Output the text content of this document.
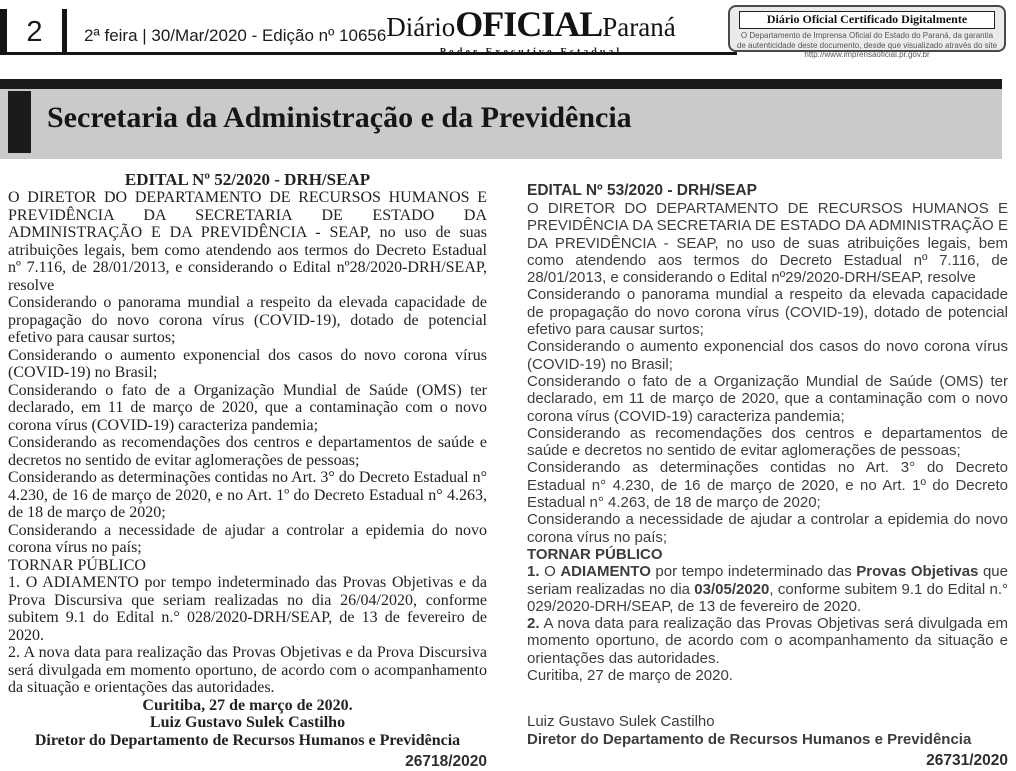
2	2ª feira | 30/Mar/2020 - Edição nº 10656 DiárioOFICIALParaná	Diário Oficial Certificado Digitalmente
O Departamento de Imprensa Oficial do Estado do Paraná, da garantia
de autenticidade deste documento, desde que visualizado através do site
http://www.imprensaoficial.pr.gov.br
Secretaria da Administração e da Previdência
EDITAL Nº 52/2020 - DRH/SEAP

O DIRETOR DO DEPARTAMENTO DE RECURSOS HUMANOS E PREVIDÊNCIA DA SECRETARIA DE ESTADO DA ADMINISTRAÇÃO E DA PREVIDÊNCIA - SEAP, no uso de suas atribuições legais, bem como atendendo aos termos do Decreto Estadual nº 7.116, de 28/01/2013, e considerando o Edital nº28/2020-DRH/SEAP, resolve

Considerando o panorama mundial a respeito da elevada capacidade de propagação do novo corona vírus (COVID-19), dotado de potencial efetivo para causar surtos;

Considerando o aumento exponencial dos casos do novo corona vírus (COVID-19) no Brasil;

Considerando o fato de a Organização Mundial de Saúde (OMS) ter declarado, em 11 de março de 2020, que a contaminação com o novo corona vírus (COVID-19) caracteriza pandemia;

Considerando as recomendações dos centros e departamentos de saúde e decretos no sentido de evitar aglomerações de pessoas;

Considerando as determinações contidas no Art. 3° do Decreto Estadual n° 4.230, de 16 de março de 2020, e no Art. 1º do Decreto Estadual n° 4.263, de 18 de março de 2020;

Considerando a necessidade de ajudar a controlar a epidemia do novo corona vírus no país;

TORNAR PÚBLICO

1. O ADIAMENTO por tempo indeterminado das Provas Objetivas e da Prova Discursiva que seriam realizadas no dia 26/04/2020, conforme subitem 9.1 do Edital n.° 028/2020-DRH/SEAP, de 13 de fevereiro de 2020.

2. A nova data para realização das Provas Objetivas e da Prova Discursiva será divulgada em momento oportuno, de acordo com o acompanhamento da situação e orientações das autoridades.

Curitiba, 27 de março de 2020.
Luiz Gustavo Sulek Castilho
Diretor do Departamento de Recursos Humanos e Previdência
26718/2020
EDITAL Nº 53/2020 - DRH/SEAP

O DIRETOR DO DEPARTAMENTO DE RECURSOS HUMANOS E PREVIDÊNCIA DA SECRETARIA DE ESTADO DA ADMINISTRAÇÃO E DA PREVIDÊNCIA - SEAP, no uso de suas atribuições legais, bem como atendendo aos termos do Decreto Estadual nº 7.116, de 28/01/2013, e considerando o Edital nº29/2020-DRH/SEAP, resolve

Considerando o panorama mundial a respeito da elevada capacidade de propagação do novo corona vírus (COVID-19), dotado de potencial efetivo para causar surtos;

Considerando o aumento exponencial dos casos do novo corona vírus (COVID-19) no Brasil;

Considerando o fato de a Organização Mundial de Saúde (OMS) ter declarado, em 11 de março de 2020, que a contaminação com o novo corona vírus (COVID-19) caracteriza pandemia;

Considerando as recomendações dos centros e departamentos de saúde e decretos no sentido de evitar aglomerações de pessoas;

Considerando as determinações contidas no Art. 3° do Decreto Estadual n° 4.230, de 16 de março de 2020, e no Art. 1º do Decreto Estadual n° 4.263, de 18 de março de 2020;

Considerando a necessidade de ajudar a controlar a epidemia do novo corona vírus no país;

TORNAR PÚBLICO

1. O ADIAMENTO por tempo indeterminado das Provas Objetivas que seriam realizadas no dia 03/05/2020, conforme subitem 9.1 do Edital n.° 029/2020-DRH/SEAP, de 13 de fevereiro de 2020.

2. A nova data para realização das Provas Objetivas será divulgada em momento oportuno, de acordo com o acompanhamento da situação e orientações das autoridades.

Curitiba, 27 de março de 2020.

Luiz Gustavo Sulek Castilho
Diretor do Departamento de Recursos Humanos e Previdência
26731/2020
